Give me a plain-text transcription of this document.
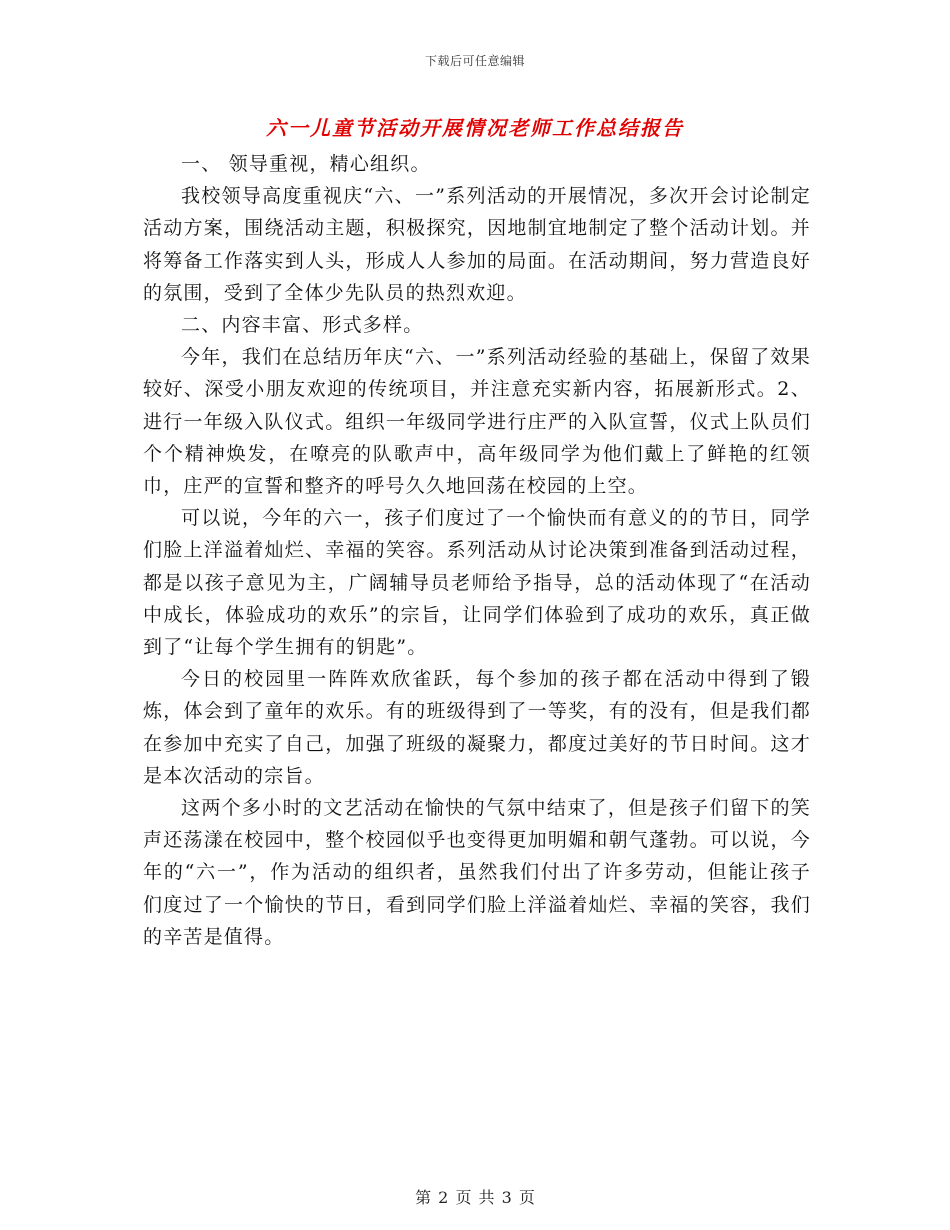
下载后可任意编辑
六一儿童节活动开展情况老师工作总结报告

一、 领导重视，精心组织。

我校领导高度重视庆“六、一”系列活动的开展情况，多次开会讨论制定活动方案，围绕活动主题，积极探究，因地制宜地制定了整个活动计划。并将筹备工作落实到人头，形成人人参加的局面。在活动期间，努力营造良好的氛围，受到了全体少先队员的热烈欢迎。

二、内容丰富、形式多样。

今年，我们在总结历年庆“六、一”系列活动经验的基础上，保留了效果较好、深受小朋友欢迎的传统项目，并注意充实新内容，拓展新形式。2、进行一年级入队仪式。组织一年级同学进行庄严的入队宣誓，仪式上队员们个个精神焕发，在嘹亮的队歌声中，高年级同学为他们戴上了鲜艳的红领巾，庄严的宣誓和整齐的呼号久久地回荡在校园的上空。

可以说，今年的六一，孩子们度过了一个愉快而有意义的的节日，同学们脸上洋溢着灿烂、幸福的笑容。系列活动从讨论决策到准备到活动过程，都是以孩子意见为主，广阔辅导员老师给予指导，总的活动体现了“在活动中成长，体验成功的欢乐”的宗旨，让同学们体验到了成功的欢乐，真正做到了“让每个学生拥有的钥匙”。

今日的校园里一阵阵欢欣雀跃，每个参加的孩子都在活动中得到了锻炼，体会到了童年的欢乐。有的班级得到了一等奖，有的没有，但是我们都在参加中充实了自己，加强了班级的凝聚力，都度过美好的节日时间。这才是本次活动的宗旨。

这两个多小时的文艺活动在愉快的气氛中结束了，但是孩子们留下的笑声还荡漾在校园中，整个校园似乎也变得更加明媚和朝气蓬勃。可以说，今年的“六一”，作为活动的组织者，虽然我们付出了许多劳动，但能让孩子们度过了一个愉快的节日，看到同学们脸上洋溢着灿烂、幸福的笑容，我们的辛苦是值得。

第 2 页 共 3 页
